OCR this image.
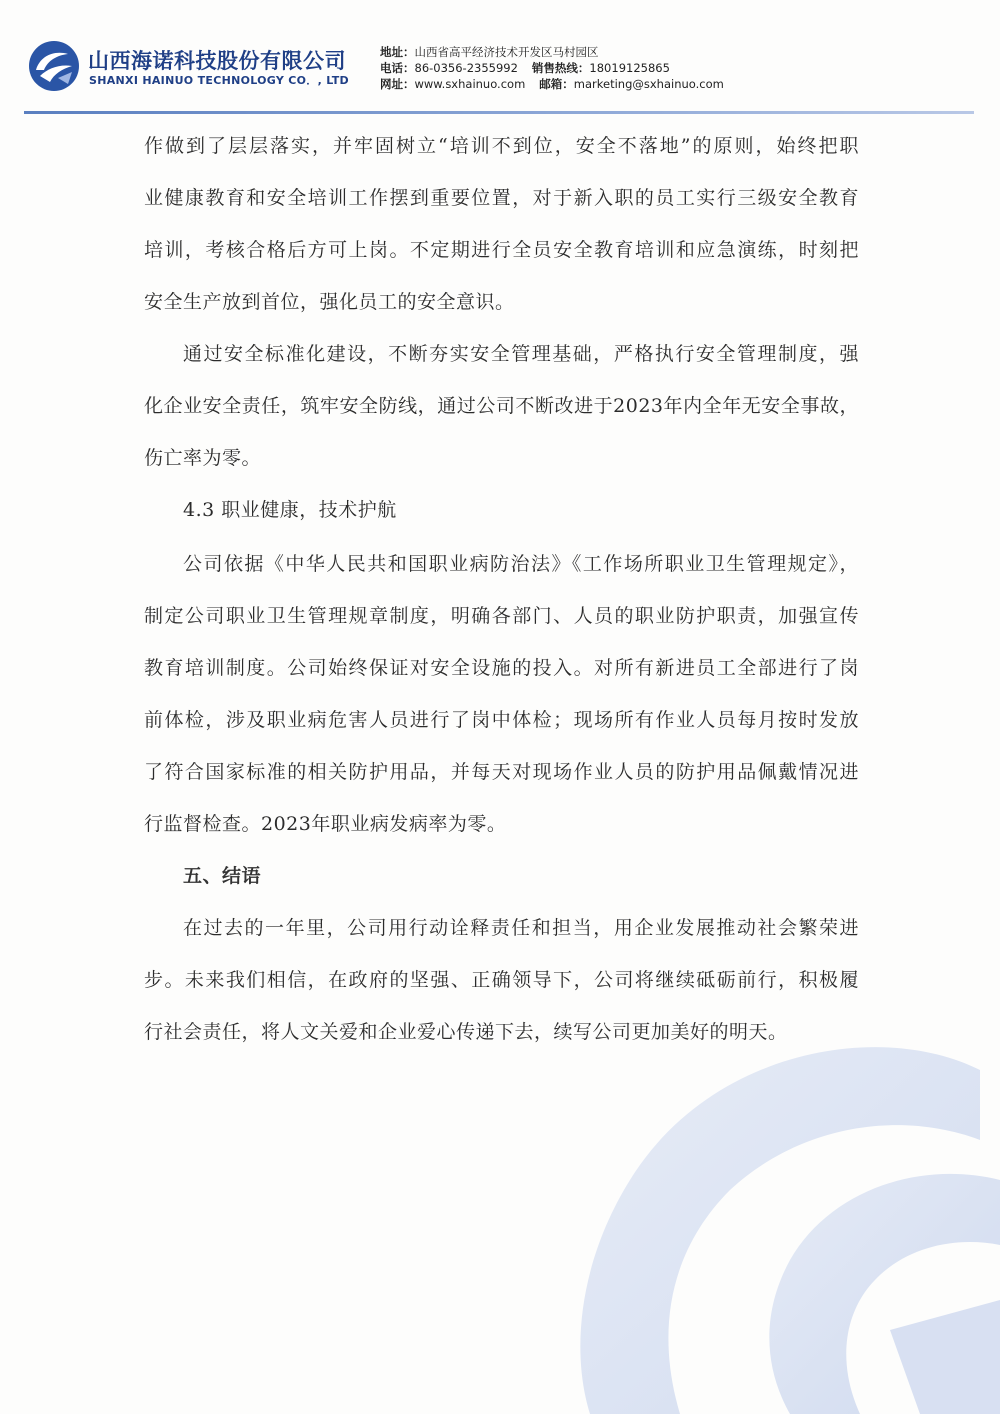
山西海诺科技股份有限公司
SHANXI HAINUO TECHNOLOGY CO．, LTD
地址：山西省高平经济技术开发区马村园区
电话：86-0356-2355992 销售热线：18019125865
网址：www.sxhainuo.com 邮箱：marketing@sxhainuo.com
作做到了层层落实，并牢固树立“培训不到位，安全不落地”的原则，始终把职
业健康教育和安全培训工作摆到重要位置，对于新入职的员工实行三级安全教育
培训，考核合格后方可上岗。不定期进行全员安全教育培训和应急演练，时刻把
安全生产放到首位，强化员工的安全意识。
通过安全标准化建设，不断夯实安全管理基础，严格执行安全管理制度，强
化企业安全责任，筑牢安全防线，通过公司不断改进于2023年内全年无安全事故，
伤亡率为零。
4.3 职业健康，技术护航
公司依据《中华人民共和国职业病防治法》《工作场所职业卫生管理规定》，
制定公司职业卫生管理规章制度，明确各部门、人员的职业防护职责，加强宣传
教育培训制度。公司始终保证对安全设施的投入。对所有新进员工全部进行了岗
前体检，涉及职业病危害人员进行了岗中体检；现场所有作业人员每月按时发放
了符合国家标准的相关防护用品，并每天对现场作业人员的防护用品佩戴情况进
行监督检查。2023年职业病发病率为零。
五、结语
在过去的一年里，公司用行动诠释责任和担当，用企业发展推动社会繁荣进
步。未来我们相信，在政府的坚强、正确领导下，公司将继续砥砺前行，积极履
行社会责任，将人文关爱和企业爱心传递下去，续写公司更加美好的明天。
